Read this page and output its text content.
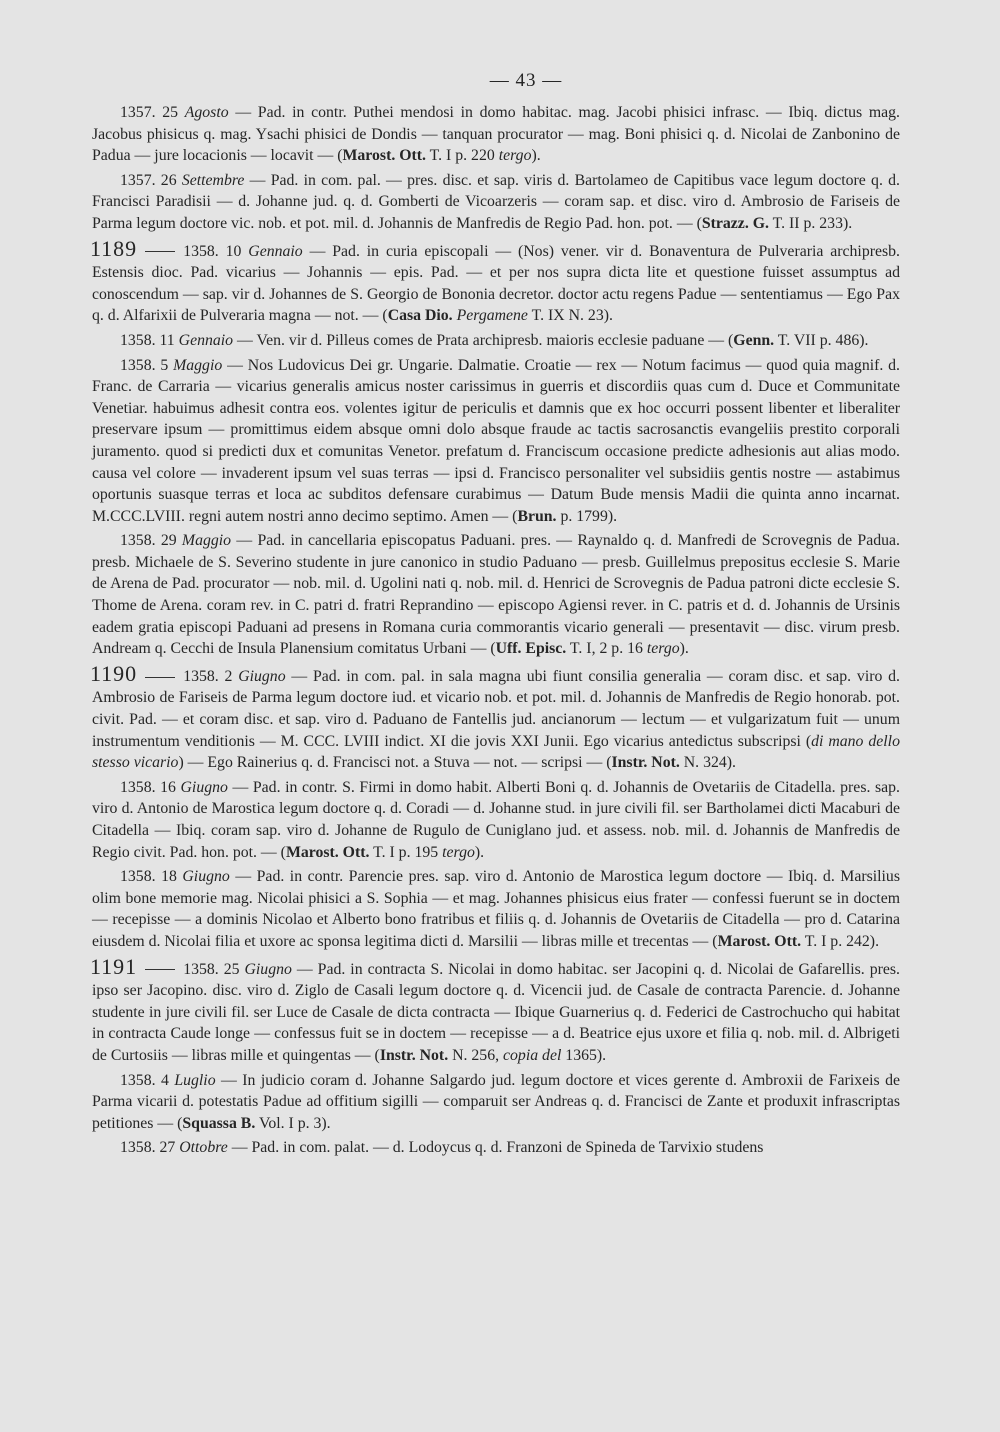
— 43 —

1357. 25 Agosto — Pad. in contr. Puthei mendosi in domo habitac. mag. Jacobi phisici infrasc. — Ibiq. dictus mag. Jacobus phisicus q. mag. Ysachi phisici de Dondis — tanquan procurator — mag. Boni phisici q. d. Nicolai de Zanbonino de Padua — jure locacionis — locavit — (Marost. Ott. T. I p. 220 tergo).

1357. 26 Settembre — Pad. in com. pal. — pres. disc. et sap. viris d. Bartolameo de Capitibus vace legum doctore q. d. Francisci Paradisii — d. Johanne jud. q. d. Gomberti de Vicoarzeris — coram sap. et disc. viro d. Ambrosio de Fariseis de Parma legum doctore vic. nob. et pot. mil. d. Johannis de Manfredis de Regio Pad. hon. pot. — (Strazz. G. T. II p. 233).

1189	1358. 10 Gennaio — Pad. in curia episcopali — (Nos) vener. vir d. Bonaventura de Pulveraria archipresb. Estensis dioc. Pad. vicarius — Johannis — epis. Pad. — et per nos supra dicta lite et questione fuisset assumptus ad conoscendum — sap. vir d. Johannes de S. Georgio de Bononia decretor. doctor actu regens Padue — sententiamus — Ego Pax q. d. Alfarixii de Pulveraria magna — not. — (Casa Dio. Pergamene T. IX N. 23).

1358. 11 Gennaio — Ven. vir d. Pilleus comes de Prata archipresb. maioris ecclesie paduane — (Genn. T. VII p. 486).

1358. 5 Maggio — Nos Ludovicus Dei gr. Ungarie. Dalmatie. Croatie — rex — Notum facimus — quod quia magnif. d. Franc. de Carraria — vicarius generalis amicus noster carissimus in guerris et discordiis quas cum d. Duce et Communitate Venetiar. habuimus adhesit contra eos. volentes igitur de periculis et damnis que ex hoc occurri possent libenter et liberaliter preservare ipsum — promittimus eidem absque omni dolo absque fraude ac tactis sacrosanctis evangeliis prestito corporali juramento. quod si predicti dux et comunitas Venetor. prefatum d. Franciscum occasione predicte adhesionis aut alias modo. causa vel colore — invaderent ipsum vel suas terras — ipsi d. Francisco personaliter vel subsidiis gentis nostre — astabimus oportunis suasque terras et loca ac subditos defensare curabimus — Datum Bude mensis Madii die quinta anno incarnat. M.CCC.LVIII. regni autem nostri anno decimo septimo. Amen — (Brun. p. 1799).

1358. 29 Maggio — Pad. in cancellaria episcopatus Paduani. pres. — Raynaldo q. d. Manfredi de Scrovegnis de Padua. presb. Michaele de S. Severino studente in jure canonico in studio Paduano — presb. Guillelmus prepositus ecclesie S. Marie de Arena de Pad. procurator — nob. mil. d. Ugolini nati q. nob. mil. d. Henrici de Scrovegnis de Padua patroni dicte ecclesie S. Thome de Arena. coram rev. in C. patri d. fratri Reprandino — episcopo Agiensi rever. in C. patris et d. d. Johannis de Ursinis eadem gratia episcopi Paduani ad presens in Romana curia commorantis vicario generali — presentavit — disc. virum presb. Andream q. Cecchi de Insula Planensium comitatus Urbani — (Uff. Episc. T. I, 2 p. 16 tergo).

1190	1358. 2 Giugno — Pad. in com. pal. in sala magna ubi fiunt consilia generalia — coram disc. et sap. viro d. Ambrosio de Fariseis de Parma legum doctore iud. et vicario nob. et pot. mil. d. Johannis de Manfredis de Regio honorab. pot. civit. Pad. — et coram disc. et sap. viro d. Paduano de Fantellis jud. ancianorum — lectum — et vulgarizatum fuit — unum instrumentum venditionis — M. CCC. LVIII indict. XI die jovis XXI Junii. Ego vicarius antedictus subscripsi (di mano dello stesso vicario) — Ego Rainerius q. d. Francisci not. a Stuva — not. — scripsi — (Instr. Not. N. 324).

1358. 16 Giugno — Pad. in contr. S. Firmi in domo habit. Alberti Boni q. d. Johannis de Ovetariis de Citadella. pres. sap. viro d. Antonio de Marostica legum doctore q. d. Coradi — d. Johanne stud. in jure civili fil. ser Bartholamei dicti Macaburi de Citadella — Ibiq. coram sap. viro d. Johanne de Rugulo de Cuniglano jud. et assess. nob. mil. d. Johannis de Manfredis de Regio civit. Pad. hon. pot. — (Marost. Ott. T. I p. 195 tergo).

1358. 18 Giugno — Pad. in contr. Parencie pres. sap. viro d. Antonio de Marostica legum doctore — Ibiq. d. Marsilius olim bone memorie mag. Nicolai phisici a S. Sophia — et mag. Johannes phisicus eius frater — confessi fuerunt se in doctem — recepisse — a dominis Nicolao et Alberto bono fratribus et filiis q. d. Johannis de Ovetariis de Citadella — pro d. Catarina eiusdem d. Nicolai filia et uxore ac sponsa legitima dicti d. Marsilii — libras mille et trecentas — (Marost. Ott. T. I p. 242).

1191	1358. 25 Giugno — Pad. in contracta S. Nicolai in domo habitac. ser Jacopini q. d. Nicolai de Gafarellis. pres. ipso ser Jacopino. disc. viro d. Ziglo de Casali legum doctore q. d. Vicencii jud. de Casale de contracta Parencie. d. Johanne studente in jure civili fil. ser Luce de Casale de dicta contracta — Ibique Guarnerius q. d. Federici de Castrochucho qui habitat in contracta Caude longe — confessus fuit se in doctem — recepisse — a d. Beatrice ejus uxore et filia q. nob. mil. d. Albrigeti de Curtosiis — libras mille et quingentas — (Instr. Not. N. 256, copia del 1365).

1358. 4 Luglio — In judicio coram d. Johanne Salgardo jud. legum doctore et vices gerente d. Ambroxii de Farixeis de Parma vicarii d. potestatis Padue ad offitium sigilli — comparuit ser Andreas q. d. Francisci de Zante et produxit infrascriptas petitiones — (Squassa B. Vol. I p. 3).

1358. 27 Ottobre — Pad. in com. palat. — d. Lodoycus q. d. Franzoni de Spineda de Tarvixio studens
